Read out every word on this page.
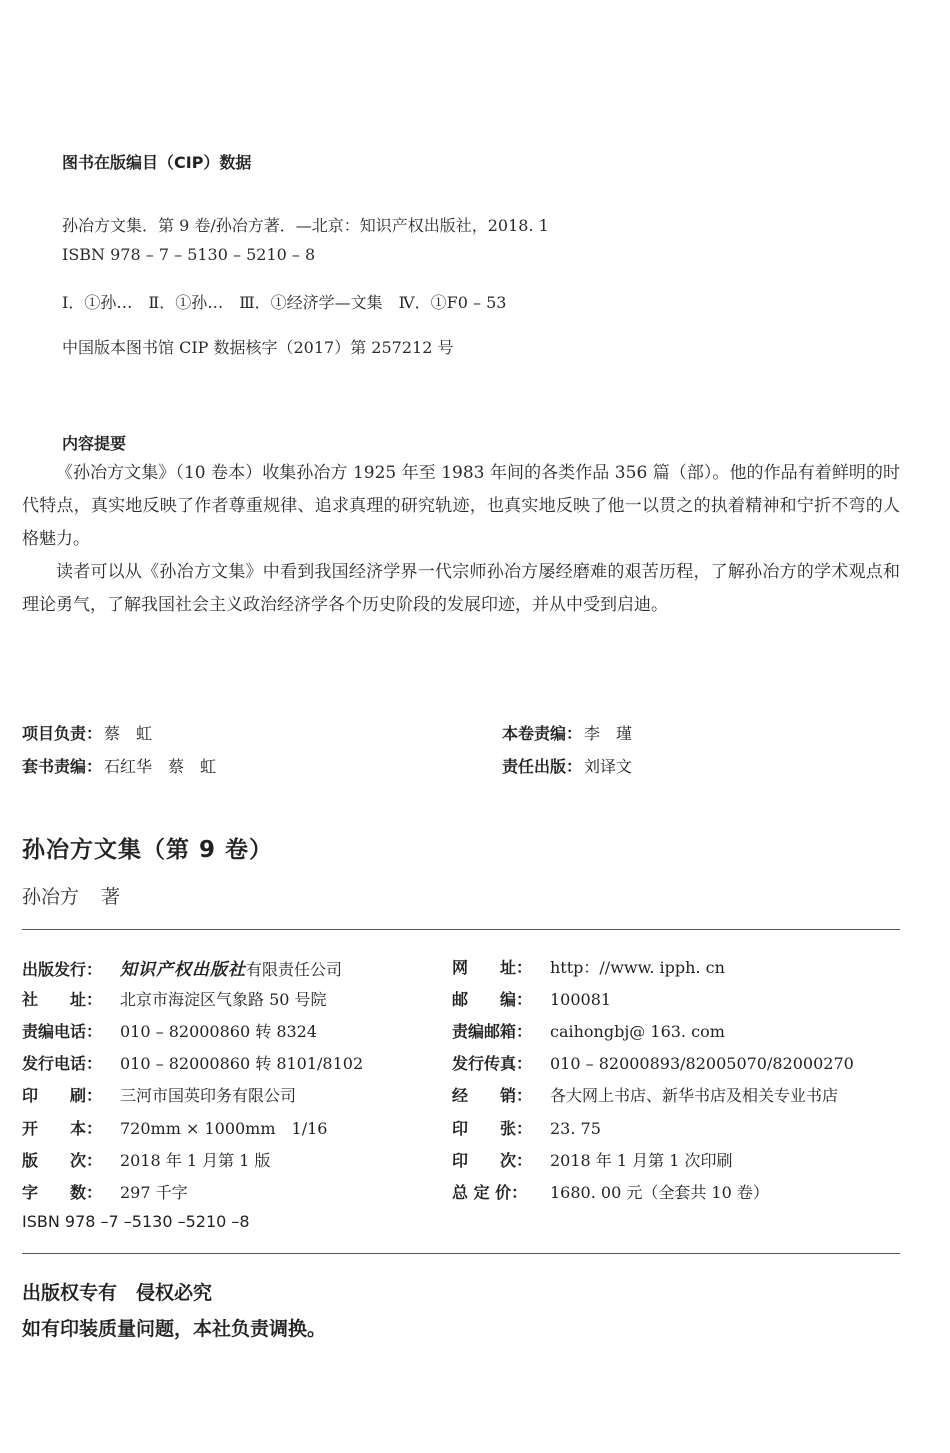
图书在版编目（CIP）数据
孙冶方文集．第 9 卷/孙冶方著．—北京：知识产权出版社，2018. 1
ISBN 978 – 7 – 5130 – 5210 – 8
Ⅰ．①孙…　Ⅱ．①孙…　Ⅲ．①经济学—文集　Ⅳ．①F0 – 53
中国版本图书馆 CIP 数据核字（2017）第 257212 号
内容提要
《孙冶方文集》（10 卷本）收集孙冶方 1925 年至 1983 年间的各类作品 356 篇（部）。他的作品有着鲜明的时代特点，真实地反映了作者尊重规律、追求真理的研究轨迹，也真实地反映了他一以贯之的执着精神和宁折不弯的人格魅力。
读者可以从《孙冶方文集》中看到我国经济学界一代宗师孙冶方屡经磨难的艰苦历程，了解孙冶方的学术观点和理论勇气，了解我国社会主义政治经济学各个历史阶段的发展印迹，并从中受到启迪。
项目负责： 蔡　虹	本卷责编： 李　瑾
套书责编： 石红华　蔡　虹	责任出版： 刘译文
孙冶方文集（第 9 卷）
孙冶方 著
出版发行： 知识产权出版社有限责任公司
社　　址： 北京市海淀区气象路 50 号院
责编电话： 010 – 82000860 转 8324
发行电话： 010 – 82000860 转 8101/8102
印　　刷： 三河市国英印务有限公司
开　　本： 720mm × 1000mm　1/16
版　　次： 2018 年 1 月第 1 版
字　　数： 297 千字
网　　址： http：//www. ipph. cn
邮　　编： 100081
责编邮箱： caihongbj@ 163. com
发行传真： 010 – 82000893/82005070/82000270
经　　销： 各大网上书店、新华书店及相关专业书店
印　　张： 23. 75
印　　次： 2018 年 1 月第 1 次印刷
总 定 价： 1680. 00 元（全套共 10 卷）
ISBN 978 –7 –5130 –5210 –8
出版权专有　侵权必究
如有印装质量问题，本社负责调换。
